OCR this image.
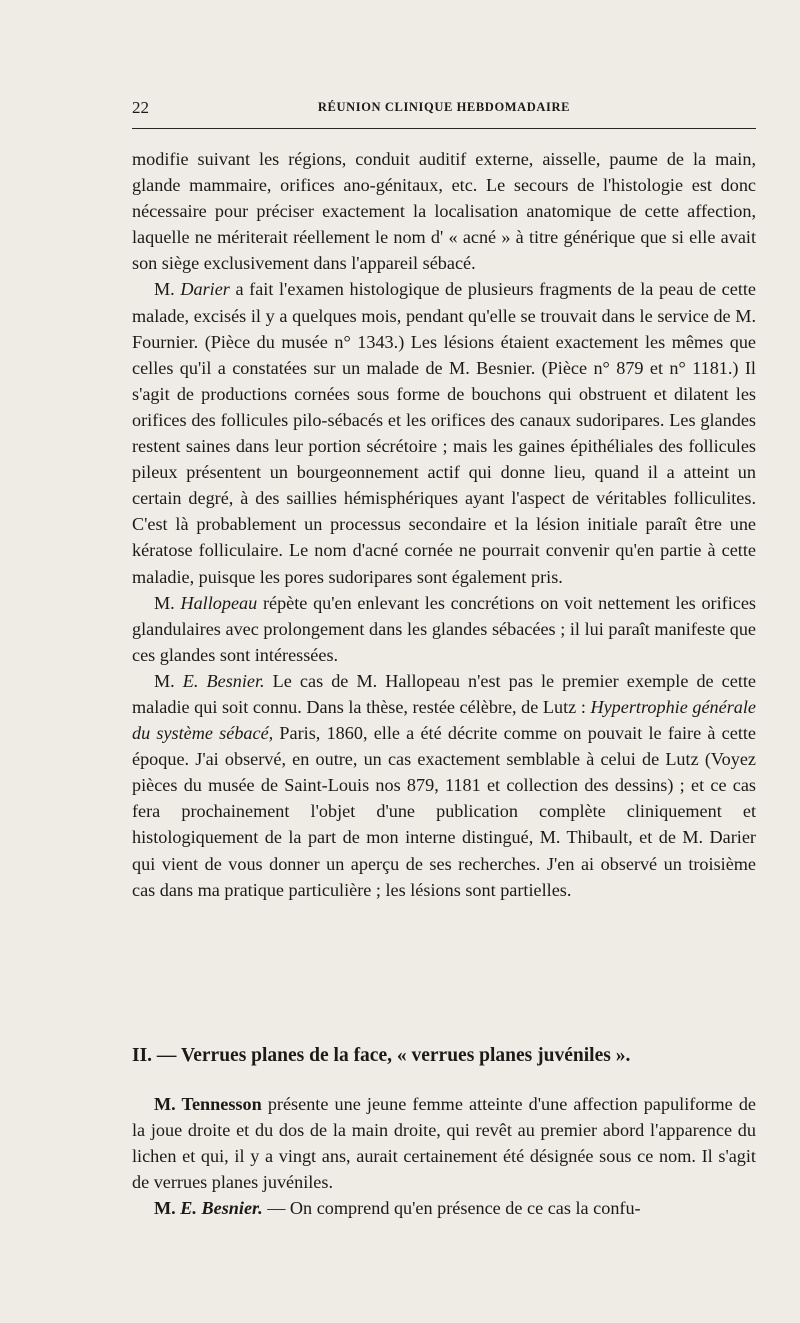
22	RÉUNION CLINIQUE HEBDOMADAIRE

modifie suivant les régions, conduit auditif externe, aisselle, paume de la main, glande mammaire, orifices ano-génitaux, etc. Le secours de l'histologie est donc nécessaire pour préciser exactement la localisation anatomique de cette affection, laquelle ne mériterait réellement le nom d' « acné » à titre générique que si elle avait son siège exclusivement dans l'appareil sébacé.

M. Darier a fait l'examen histologique de plusieurs fragments de la peau de cette malade, excisés il y a quelques mois, pendant qu'elle se trouvait dans le service de M. Fournier. (Pièce du musée n° 1343.) Les lésions étaient exactement les mêmes que celles qu'il a constatées sur un malade de M. Besnier. (Pièce n° 879 et n° 1181.) Il s'agit de productions cornées sous forme de bouchons qui obstruent et dilatent les orifices des follicules pilo-sébacés et les orifices des canaux sudoripares. Les glandes restent saines dans leur portion sécrétoire ; mais les gaines épithéliales des follicules pileux présentent un bourgeonnement actif qui donne lieu, quand il a atteint un certain degré, à des saillies hémisphériques ayant l'aspect de véritables folliculites. C'est là probablement un processus secondaire et la lésion initiale paraît être une kératose folliculaire. Le nom d'acné cornée ne pourrait convenir qu'en partie à cette maladie, puisque les pores sudoripares sont également pris.

M. Hallopeau répète qu'en enlevant les concrétions on voit nettement les orifices glandulaires avec prolongement dans les glandes sébacées ; il lui paraît manifeste que ces glandes sont intéressées.

M. E. Besnier. Le cas de M. Hallopeau n'est pas le premier exemple de cette maladie qui soit connu. Dans la thèse, restée célèbre, de Lutz : Hypertrophie générale du système sébacé, Paris, 1860, elle a été décrite comme on pouvait le faire à cette époque. J'ai observé, en outre, un cas exactement semblable à celui de Lutz (Voyez pièces du musée de Saint-Louis nos 879, 1181 et collection des dessins) ; et ce cas fera prochainement l'objet d'une publication complète cliniquement et histologiquement de la part de mon interne distingué, M. Thibault, et de M. Darier qui vient de vous donner un aperçu de ses recherches. J'en ai observé un troisième cas dans ma pratique particulière ; les lésions sont partielles.

II. — Verrues planes de la face, « verrues planes juvéniles ».

M. Tennesson présente une jeune femme atteinte d'une affection papuliforme de la joue droite et du dos de la main droite, qui revêt au premier abord l'apparence du lichen et qui, il y a vingt ans, aurait certainement été désignée sous ce nom. Il s'agit de verrues planes juvéniles.

M. E. Besnier. — On comprend qu'en présence de ce cas la confu-
